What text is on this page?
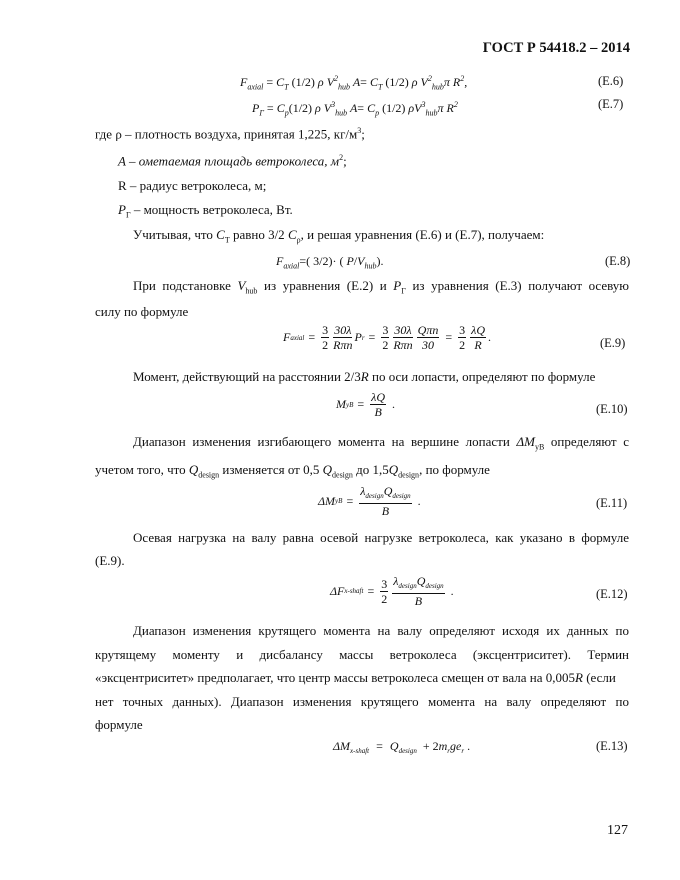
ГОСТ Р 54418.2 – 2014
$F_{axial} = C_T$ (1/2) ρ $V^2_{hub}$ $A= C_T$ (1/2) ρ $V^2_{hub}\pi$ $R^2$,	(Е.6)
$P_\Gamma = C_p(1/2)$ ρ $V^3_{hub}$ $A= C_p$ (1/2) $\rho V^3_{hub}\pi$ $R^2$	(Е.7)
где ρ – плотность воздуха, принятая 1,225, $кг/м^3$;
A – ометаемая площадь ветроколеса, $м^2$;
R – радиус ветроколеса, м;
$P_\Gamma$ – мощность ветроколеса, Вт.
Учитывая, что $C_T$ равно 3/2 $C_\rho$, и решая уравнения (Е.6) и (Е.7), получаем:
$F_{axial}=$( 3/2)· ( $P/V_{hub}$).	(Е.8)
При подстановке $V_{hub}$ из уравнения (Е.2) и $P_\Gamma$ из уравнения (Е.3) получают осевую
силу по формуле
F axial = $\frac{3}{2} \frac{30\lambda}{\text{Rπn}}$ P $r = \frac{3}{2} \frac{30\lambda}{\text{Rπn}} \frac{\text{Qπn}}{30} = \frac{3}{2} \frac{\lambda Q}{R}$ .	(Е.9)
Момент, действующий на расстоянии 2/3R по оси лопасти, определяют по формуле
M yB = $\frac{\lambda Q}{B}$ .	(Е.10)
Диапазон изменения изгибающего момента на вершине лопасти $\Delta M_{yB}$ определяют с
учетом того, что $Q_{design}$ изменяется от 0,5 $Q_{design}$ до $1,5Q_{design}$, по формуле
ΔM yB = $\frac{\lambda_{design}Q_{design}}{B}$ .	(Е.11)
Осевая нагрузка на валу равна осевой нагрузке ветроколеса, как указано в формуле
(Е.9).
ΔF x-shaft = $\frac{3}{2} \frac{\lambda_{design}Q_{design}}{B}$ .	(Е.12)
Диапазон изменения крутящего момента на валу определяют исходя их данных по
крутящему моменту и дисбалансу массы ветроколеса (эксцентриситет). Термин
«эксцентриситет» предполагает, что центр массы ветроколеса смещен от вала на 0,005R (если
нет точных данных). Диапазон изменения крутящего момента на валу определяют по
формуле
$\Delta M_{x-shaft} = Q_{design} + 2m_rge_r$ .	(Е.13)
127
